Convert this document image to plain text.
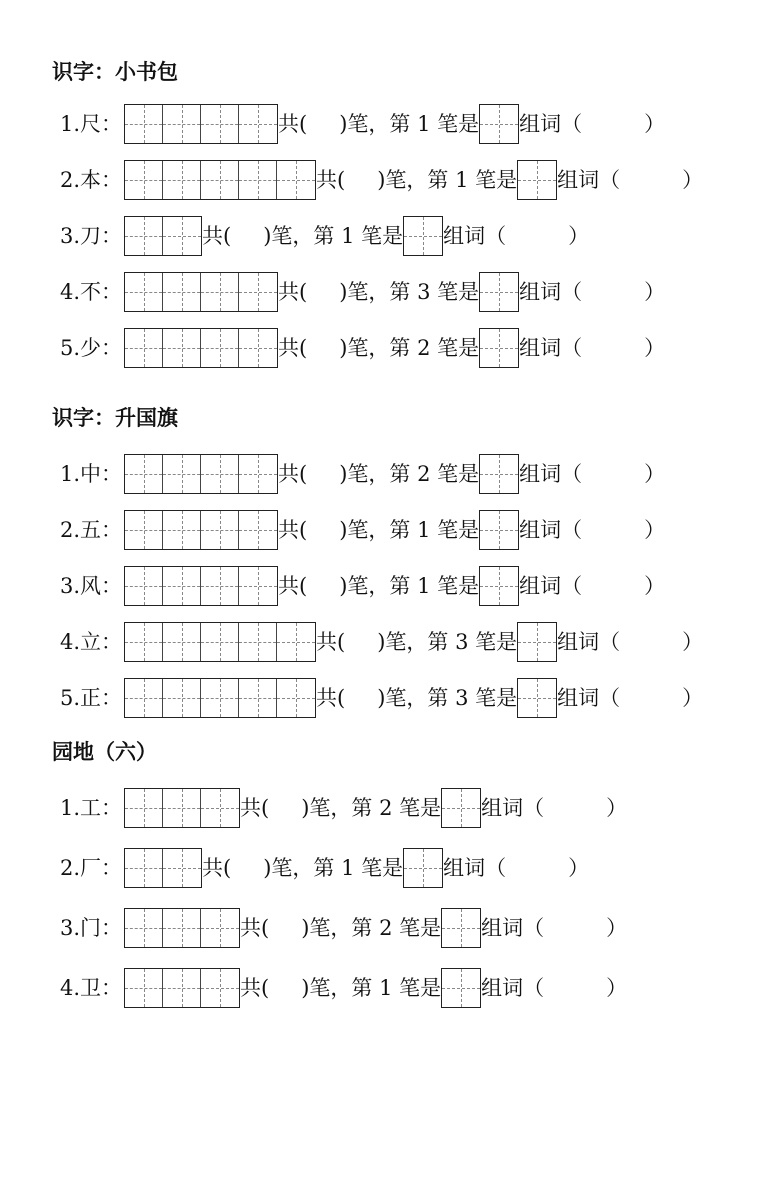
识字：小书包
1.尺：	共( )笔，第 1 笔是 组词（	）
2.本：	共( )笔，第 1 笔是 组词（	）
3.刀：	共( )笔，第 1 笔是 组词（	）
4.不：	共( )笔，第 3 笔是 组词（	）
5.少：	共( )笔，第 2 笔是 组词（	）
识字：升国旗
1.中：	共( )笔，第 2 笔是 组词（	）
2.五：	共( )笔，第 1 笔是 组词（	）
3.风：	共( )笔，第 1 笔是 组词（	）
4.立：	共( )笔，第 3 笔是 组词（	）
5.正：	共( )笔，第 3 笔是 组词（	）
园地（六）
1.工：	共( )笔，第 2 笔是 组词（	）
2.厂：	共( )笔，第 1 笔是 组词（	）
3.门：	共( )笔，第 2 笔是 组词（	）
4.卫：	共( )笔，第 1 笔是 组词（	）
